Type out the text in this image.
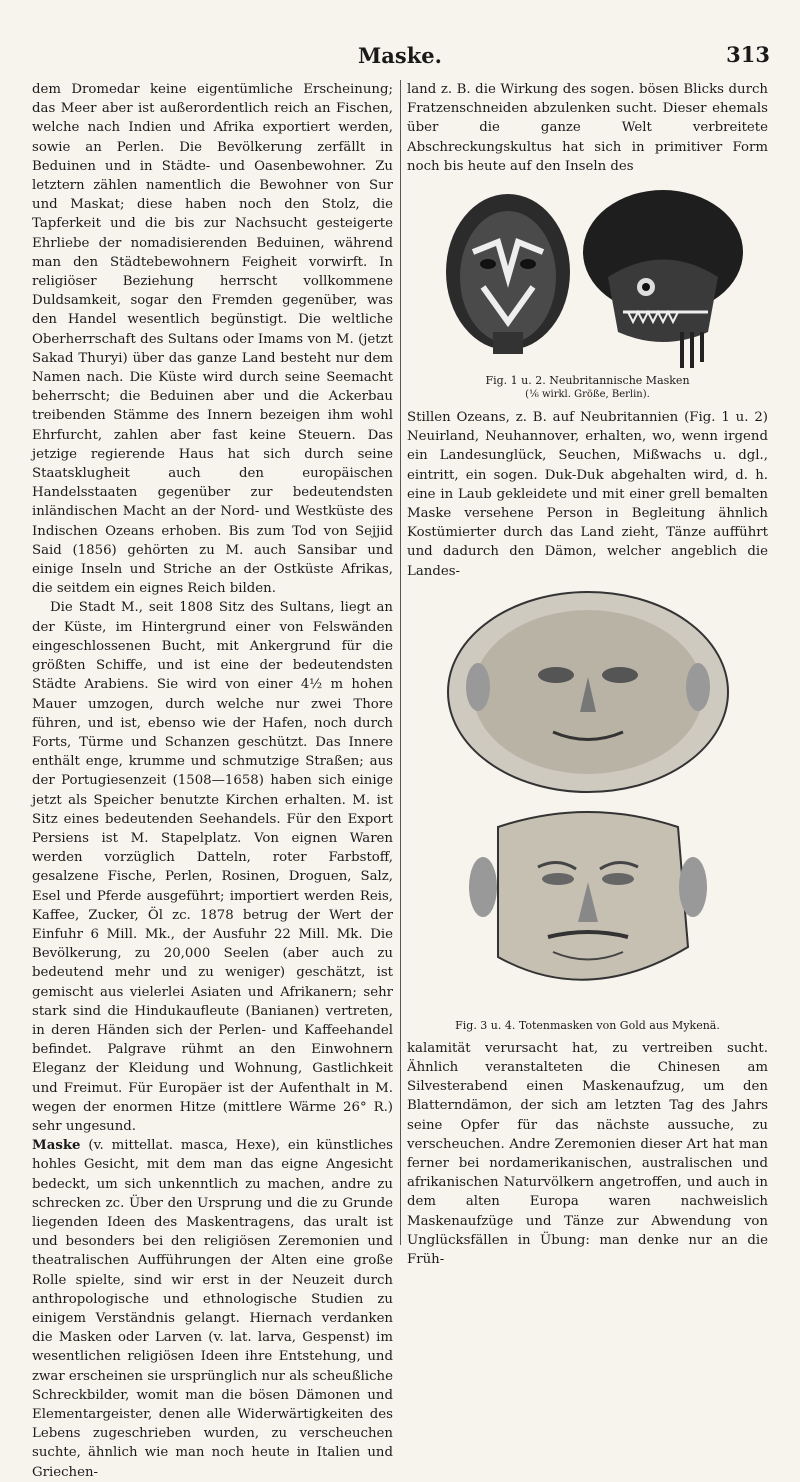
Maske.	313

dem Dromedar keine eigentümliche Erscheinung; das Meer aber ist außerordentlich reich an Fischen, welche nach Indien und Afrika exportiert werden, sowie an Perlen. Die Bevölkerung zerfällt in Beduinen und in Städte- und Oasenbewohner. Zu letztern zählen namentlich die Bewohner von Sur und Maskat; diese haben noch den Stolz, die Tapferkeit und die bis zur Nachsucht gesteigerte Ehrliebe der nomadisierenden Beduinen, während man den Städtebewohnern Feigheit vorwirft. In religiöser Beziehung herrscht vollkommene Duldsamkeit, sogar den Fremden gegenüber, was den Handel wesentlich begünstigt. Die weltliche Oberherrschaft des Sultans oder Imams von M. (jetzt Sakad Thuryi) über das ganze Land besteht nur dem Namen nach. Die Küste wird durch seine Seemacht beherrscht; die Beduinen aber und die Ackerbau treibenden Stämme des Innern bezeigen ihm wohl Ehrfurcht, zahlen aber fast keine Steuern. Das jetzige regierende Haus hat sich durch seine Staatsklugheit auch den europäischen Handelsstaaten gegenüber zur bedeutendsten inländischen Macht an der Nord- und Westküste des Indischen Ozeans erhoben. Bis zum Tod von Sejjid Said (1856) gehörten zu M. auch Sansibar und einige Inseln und Striche an der Ostküste Afrikas, die seitdem ein eignes Reich bilden.

Die Stadt M., seit 1808 Sitz des Sultans, liegt an der Küste, im Hintergrund einer von Felswänden eingeschlossenen Bucht, mit Ankergrund für die größten Schiffe, und ist eine der bedeutendsten Städte Arabiens. Sie wird von einer 4½ m hohen Mauer umzogen, durch welche nur zwei Thore führen, und ist, ebenso wie der Hafen, noch durch Forts, Türme und Schanzen geschützt. Das Innere enthält enge, krumme und schmutzige Straßen; aus der Portugiesenzeit (1508—1658) haben sich einige jetzt als Speicher benutzte Kirchen erhalten. M. ist Sitz eines bedeutenden Seehandels. Für den Export Persiens ist M. Stapelplatz. Von eignen Waren werden vorzüglich Datteln, roter Farbstoff, gesalzene Fische, Perlen, Rosinen, Droguen, Salz, Esel und Pferde ausgeführt; importiert werden Reis, Kaffee, Zucker, Öl zc. 1878 betrug der Wert der Einfuhr 6 Mill. Mk., der Ausfuhr 22 Mill. Mk. Die Bevölkerung, zu 20,000 Seelen (aber auch zu bedeutend mehr und zu weniger) geschätzt, ist gemischt aus vielerlei Asiaten und Afrikanern; sehr stark sind die Hindukaufleute (Banianen) vertreten, in deren Händen sich der Perlen- und Kaffeehandel befindet. Palgrave rühmt an den Einwohnern Eleganz der Kleidung und Wohnung, Gastlichkeit und Freimut. Für Europäer ist der Aufenthalt in M. wegen der enormen Hitze (mittlere Wärme 26° R.) sehr ungesund.

Maske (v. mittellat. masca, Hexe), ein künstliches hohles Gesicht, mit dem man das eigne Angesicht bedeckt, um sich unkenntlich zu machen, andre zu schrecken zc. Über den Ursprung und die zu Grunde liegenden Ideen des Maskentragens, das uralt ist und besonders bei den religiösen Zeremonien und theatralischen Aufführungen der Alten eine große Rolle spielte, sind wir erst in der Neuzeit durch anthropologische und ethnologische Studien zu einigem Verständnis gelangt. Hiernach verdanken die Masken oder Larven (v. lat. larva, Gespenst) im wesentlichen religiösen Ideen ihre Entstehung, und zwar erscheinen sie ursprünglich nur als scheußliche Schreckbilder, womit man die bösen Dämonen und Elementargeister, denen alle Widerwärtigkeiten des Lebens zugeschrieben wurden, zu verscheuchen suchte, ähnlich wie man noch heute in Italien und Griechen-

land z. B. die Wirkung des sogen. bösen Blicks durch Fratzenschneiden abzulenken sucht. Dieser ehemals über die ganze Welt verbreitete Abschreckungskultus hat sich in primitiver Form noch bis heute auf den Inseln des

Fig. 1 u. 2. Neubritannische Masken
(⅙ wirkl. Größe, Berlin).

Stillen Ozeans, z. B. auf Neubritannien (Fig. 1 u. 2) Neuirland, Neuhannover, erhalten, wo, wenn irgend ein Landesunglück, Seuchen, Mißwachs u. dgl., eintritt, ein sogen. Duk-Duk abgehalten wird, d. h. eine in Laub gekleidete und mit einer grell bemalten Maske versehene Person in Begleitung ähnlich Kostümierter durch das Land zieht, Tänze aufführt und dadurch den Dämon, welcher angeblich die Landes-

Fig. 3 u. 4. Totenmasken von Gold aus Mykenä.

kalamität verursacht hat, zu vertreiben sucht. Ähnlich veranstalteten die Chinesen am Silvesterabend einen Maskenaufzug, um den Blatterndämon, der sich am letzten Tag des Jahrs seine Opfer für das nächste aussuche, zu verscheuchen. Andre Zeremonien dieser Art hat man ferner bei nordamerikanischen, australischen und afrikanischen Naturvölkern angetroffen, und auch in dem alten Europa waren nachweislich Maskenaufzüge und Tänze zur Abwendung von Unglücksfällen in Übung: man denke nur an die Früh-
